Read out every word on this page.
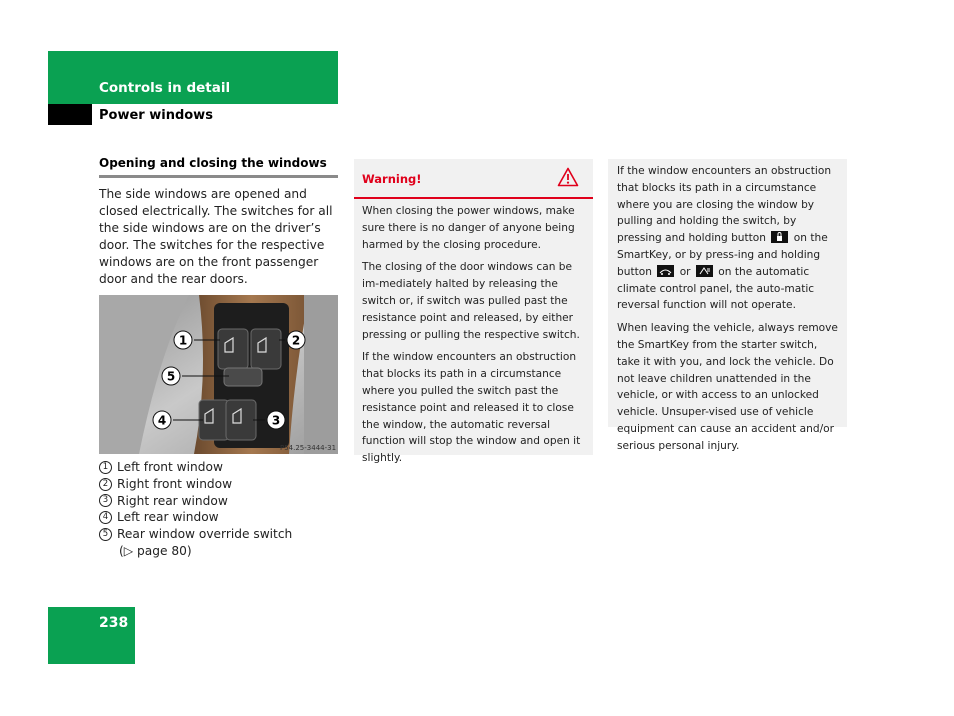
Controls in detail
Power windows
Opening and closing the windows
The side windows are opened and closed electrically. The switches for all the side windows are on the driver’s door. The switches for the respective windows are on the front passenger door and the rear doors.
1	2
3
4
5
P54.25-3444-31
1 Left front window
2 Right front window
3 Right rear window
4 Left rear window
5 Rear window override switch
(▷ page 80)
Warning!

When closing the power windows, make sure there is no danger of anyone being harmed by the closing procedure.

The closing of the door windows can be im-mediately halted by releasing the switch or, if switch was pulled past the resistance point and released, by either pressing or pulling the respective switch.

If the window encounters an obstruction that blocks its path in a circumstance where you pulled the switch past the resistance point and released it to close the window, the automatic reversal function will stop the window and open it slightly.

If the window encounters an obstruction that blocks its path in a circumstance where you are closing the window by pulling and holding the switch, by pressing and holding button	on the SmartKey, or by press-ing and holding button	or	on the automatic climate control panel, the auto-matic reversal function will not operate.

When leaving the vehicle, always remove the SmartKey from the starter switch, take it with you, and lock the vehicle. Do not leave children unattended in the vehicle, or with access to an unlocked vehicle. Unsuper-vised use of vehicle equipment can cause an accident and/or serious personal injury.

238
